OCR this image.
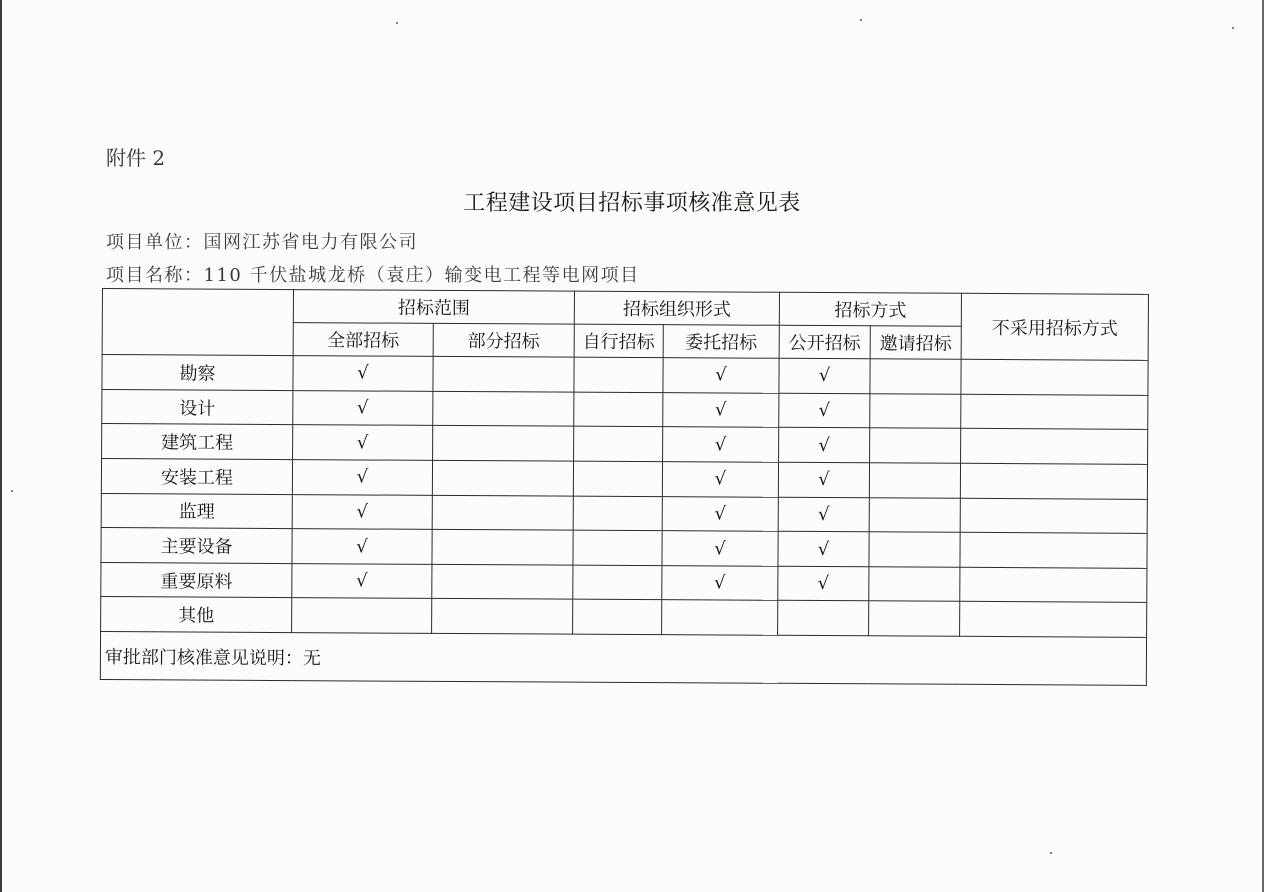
附件 2
工程建设项目招标事项核准意见表
项目单位：国网江苏省电力有限公司
项目名称：110 千伏盐城龙桥（袁庄）输变电工程等电网项目
	招标范围		招标组织形式		招标方式		不采用招标方式
	全部招标	部分招标	自行招标	委托招标	公开招标	邀请招标	
勘察	√			√	√		
设计	√			√	√		
建筑工程	√			√	√		
安装工程	√			√	√		
监理	√			√	√		
主要设备	√			√	√		
重要原料	√			√	√		
其他							
审批部门核准意见说明：无							
